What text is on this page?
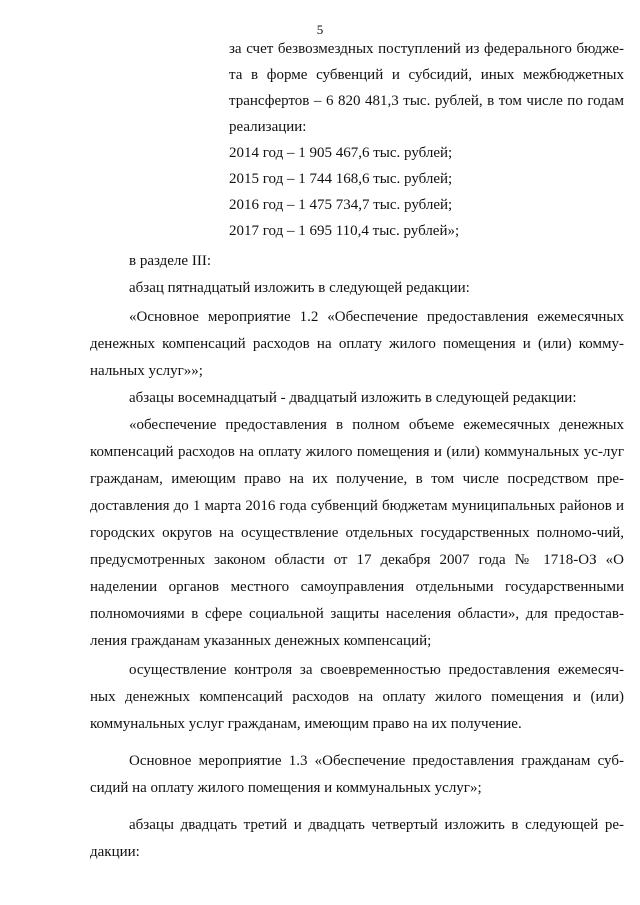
5

за счет безвозмездных поступлений из федерального бюдже-та в форме субвенций и субсидий, иных межбюджетных трансфертов – 6 820 481,3 тыс. рублей, в том числе по годам реализации:

2014 год – 1 905 467,6 тыс. рублей;
2015 год – 1 744 168,6 тыс. рублей;
2016 год – 1 475 734,7 тыс. рублей;
2017 год – 1 695 110,4 тыс. рублей»;

в разделе III:

абзац пятнадцатый изложить в следующей редакции:

«Основное мероприятие 1.2 «Обеспечение предоставления ежемесячных денежных компенсаций расходов на оплату жилого помещения и (или) комму-нальных услуг»»;

абзацы восемнадцатый - двадцатый изложить в следующей редакции:

«обеспечение предоставления в полном объеме ежемесячных денежных компенсаций расходов на оплату жилого помещения и (или) коммунальных ус-луг гражданам, имеющим право на их получение, в том числе посредством пре-доставления до 1 марта 2016 года субвенций бюджетам муниципальных районов и городских округов на осуществление отдельных государственных полномо-чий, предусмотренных законом области от 17 декабря 2007 года № 1718-ОЗ «О наделении органов местного самоуправления отдельными государственными полномочиями в сфере социальной защиты населения области», для предостав-ления гражданам указанных денежных компенсаций;

осуществление контроля за своевременностью предоставления ежемесяч-ных денежных компенсаций расходов на оплату жилого помещения и (или) коммунальных услуг гражданам, имеющим право на их получение.

Основное мероприятие 1.3 «Обеспечение предоставления гражданам суб-сидий на оплату жилого помещения и коммунальных услуг»;

абзацы двадцать третий и двадцать четвертый изложить в следующей ре-дакции:
